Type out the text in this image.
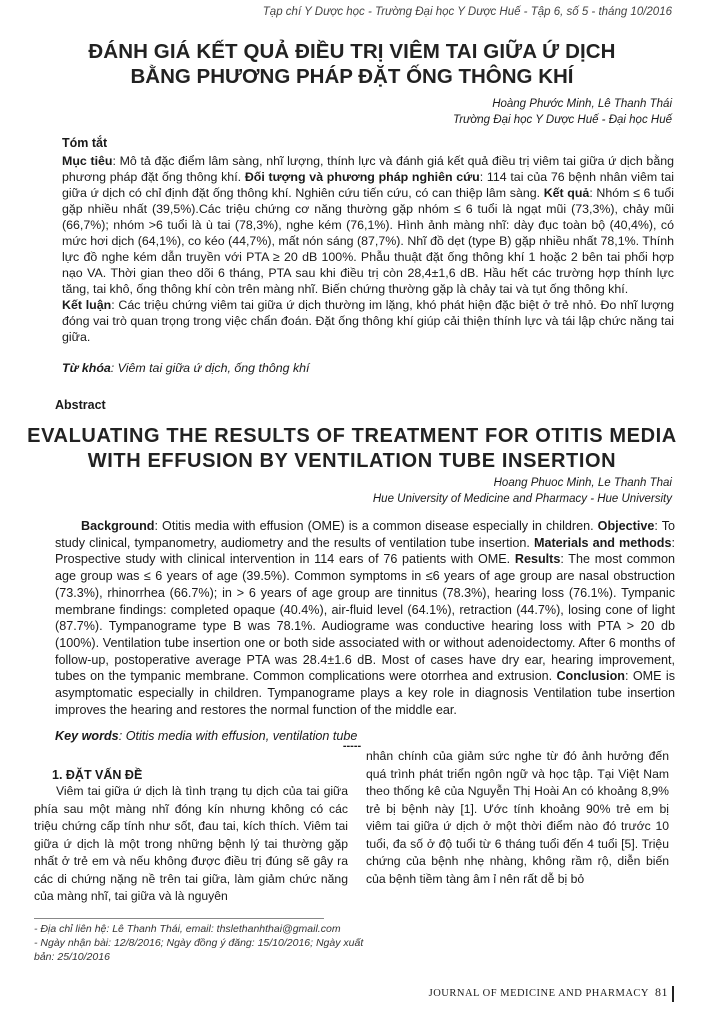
Tạp chí Y Dược học - Trường Đại học Y Dược Huế - Tập 6, số 5 - tháng 10/2016
ĐÁNH GIÁ KẾT QUẢ ĐIỀU TRỊ VIÊM TAI GIỮA Ứ DỊCH
BẰNG PHƯƠNG PHÁP ĐẶT ỐNG THÔNG KHÍ
Hoàng Phước Minh, Lê Thanh Thái
Trường Đại học Y Dược Huế - Đại học Huế
Tóm tắt
Mục tiêu: Mô tả đặc điểm lâm sàng, nhĩ lượng, thính lực và đánh giá kết quả điều trị viêm tai giữa ứ dịch bằng phương pháp đặt ống thông khí. Đối tượng và phương pháp nghiên cứu: 114 tai của 76 bệnh nhân viêm tai giữa ứ dịch có chỉ định đặt ống thông khí. Nghiên cứu tiến cứu, có can thiệp lâm sàng. Kết quả: Nhóm ≤ 6 tuổi gặp nhiều nhất (39,5%).Các triệu chứng cơ năng thường gặp nhóm ≤ 6 tuổi là ngạt mũi (73,3%), chảy mũi (66,7%); nhóm >6 tuổi là ù tai (78,3%), nghe kém (76,1%). Hình ảnh màng nhĩ: dày đục toàn bộ (40,4%), có mức hơi dịch (64,1%), co kéo (44,7%), mất nón sáng (87,7%). Nhĩ đồ dẹt (type B) gặp nhiều nhất 78,1%. Thính lực đồ nghe kém dẫn truyền với PTA ≥ 20 dB 100%. Phẫu thuật đặt ống thông khí 1 hoặc 2 bên tai phối hợp nạo VA. Thời gian theo dõi 6 tháng, PTA sau khi điều trị còn 28,4±1,6 dB. Hầu hết các trường hợp thính lực tăng, tai khô, ống thông khí còn trên màng nhĩ. Biến chứng thường gặp là chảy tai và tụt ống thông khí.
Kết luận: Các triệu chứng viêm tai giữa ứ dịch thường im lặng, khó phát hiện đặc biệt ở trẻ nhỏ. Đo nhĩ lượng đóng vai trò quan trọng trong việc chẩn đoán. Đặt ống thông khí giúp cải thiện thính lực và tái lập chức năng tai giữa.
Từ khóa: Viêm tai giữa ứ dịch, ống thông khí
Abstract
EVALUATING THE RESULTS OF TREATMENT FOR OTITIS MEDIA
WITH EFFUSION BY VENTILATION TUBE INSERTION
Hoang Phuoc Minh, Le Thanh Thai
Hue University of Medicine and Pharmacy - Hue University
Background: Otitis media with effusion (OME) is a common disease especially in children. Objective: To study clinical, tympanometry, audiometry and the results of ventilation tube insertion. Materials and methods: Prospective study with clinical intervention in 114 ears of 76 patients with OME. Results: The most common age group was ≤ 6 years of age (39.5%). Common symptoms in ≤6 years of age group are nasal obstruction (73.3%), rhinorrhea (66.7%); in > 6 years of age group are tinnitus (78.3%), hearing loss (76.1%). Tympanic membrane findings: completed opaque (40.4%), air-fluid level (64.1%), retraction (44.7%), losing cone of light (87.7%). Tympanograme type B was 78.1%. Audiograme was conductive hearing loss with PTA > 20 db (100%). Ventilation tube insertion one or both side associated with or without adenoidectomy. After 6 months of follow-up, postoperative average PTA was 28.4±1.6 dB. Most of cases have dry ear, hearing improvement, tubes on the tympanic membrane. Common complications were otorrhea and extrusion. Conclusion: OME is asymptomatic especially in children. Tympanograme plays a key role in diagnosis Ventilation tube insertion improves the hearing and restores the normal function of the middle ear.
Key words: Otitis media with effusion, ventilation tube
-----
1. ĐẶT VẤN ĐỀ
Viêm tai giữa ứ dịch là tình trạng tụ dịch của tai giữa phía sau một màng nhĩ đóng kín nhưng không có các triệu chứng cấp tính như sốt, đau tai, kích thích. Viêm tai giữa ứ dịch là một trong những bệnh lý tai thường gặp nhất ở trẻ em và nếu không được điều trị đúng sẽ gây ra các di chứng nặng nề trên tai giữa, làm giảm chức năng của màng nhĩ, tai giữa và là nguyên
nhân chính của giảm sức nghe từ đó ảnh hưởng đến quá trình phát triển ngôn ngữ và học tập. Tại Việt Nam theo thống kê của Nguyễn Thị Hoài An có khoảng 8,9% trẻ bị bệnh này [1]. Ước tính khoảng 90% trẻ em bị viêm tai giữa ứ dịch ở một thời điểm nào đó trước 10 tuổi, đa số ở độ tuổi từ 6 tháng tuổi đến 4 tuổi [5]. Triệu chứng của bệnh nhẹ nhàng, không rầm rộ, diễn biến của bệnh tiềm tàng âm ỉ nên rất dễ bị bỏ
- Địa chỉ liên hệ: Lê Thanh Thái, email: thslethanhthai@gmail.com
- Ngày nhận bài: 12/8/2016; Ngày đồng ý đăng: 15/10/2016; Ngày xuất bản: 25/10/2016
JOURNAL OF MEDICINE AND PHARMACY 81
